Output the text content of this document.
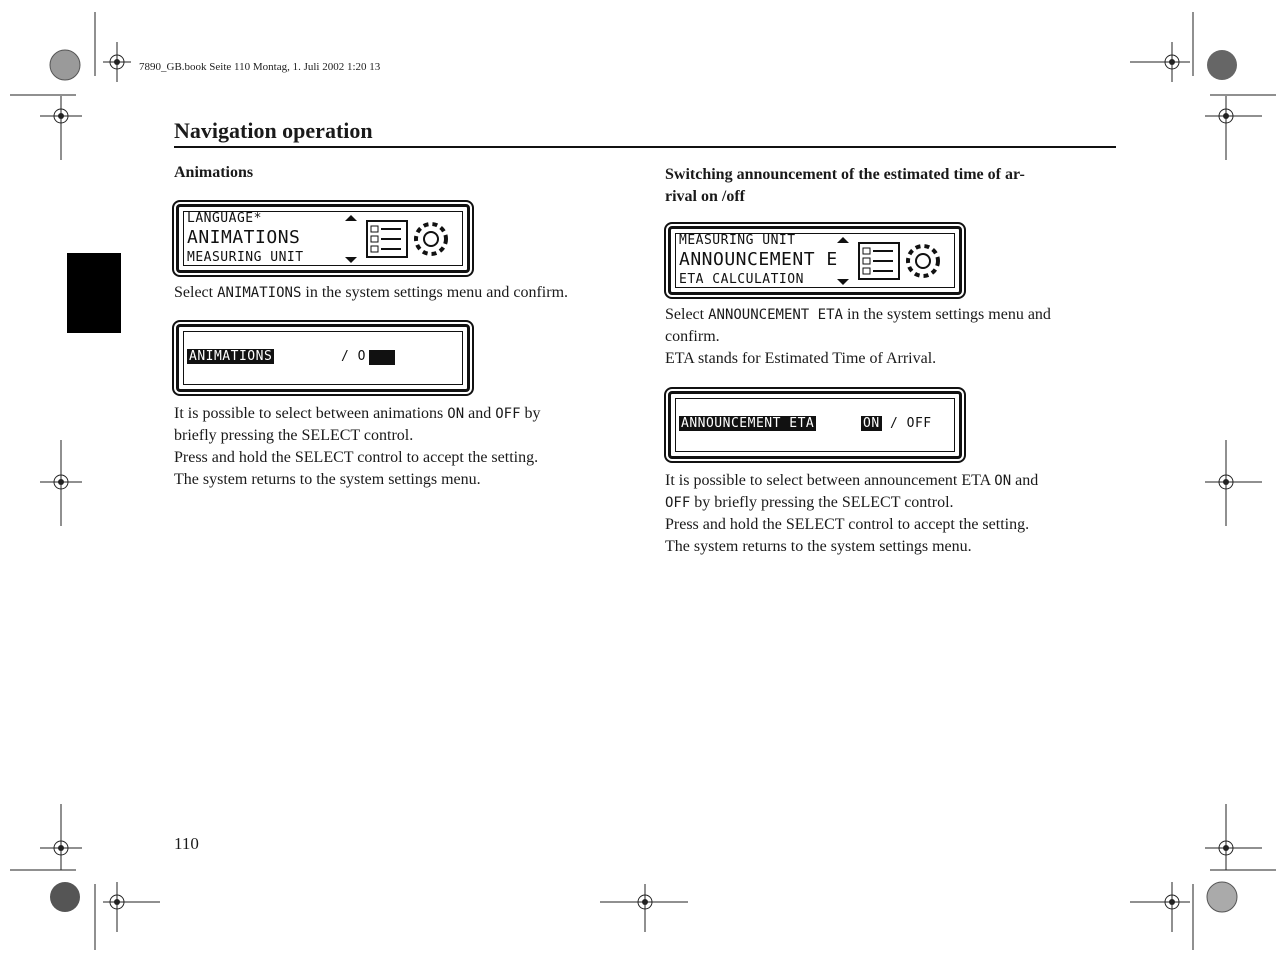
7890_GB.book Seite 110 Montag, 1. Juli 2002 1:20 13
Navigation operation
Animations
LANGUAGE*
ANIMATIONS
MEASURING UNIT
Select ANIMATIONS in the system settings menu and confirm.
ANIMATIONS	/ O
It is possible to select between animations ON and OFF by
briefly pressing the SELECT control.
Press and hold the SELECT control to accept the setting.
The system returns to the system settings menu.
Switching announcement of the estimated time of ar-
rival on /off
MEASURING UNIT
ANNOUNCEMENT E
ETA CALCULATION
Select ANNOUNCEMENT ETA in the system settings menu and
confirm.
ETA stands for Estimated Time of Arrival.
ANNOUNCEMENT ETA	ON / OFF
It is possible to select between announcement ETA ON and
OFF by briefly pressing the SELECT control.
Press and hold the SELECT control to accept the setting.
The system returns to the system settings menu.
110
